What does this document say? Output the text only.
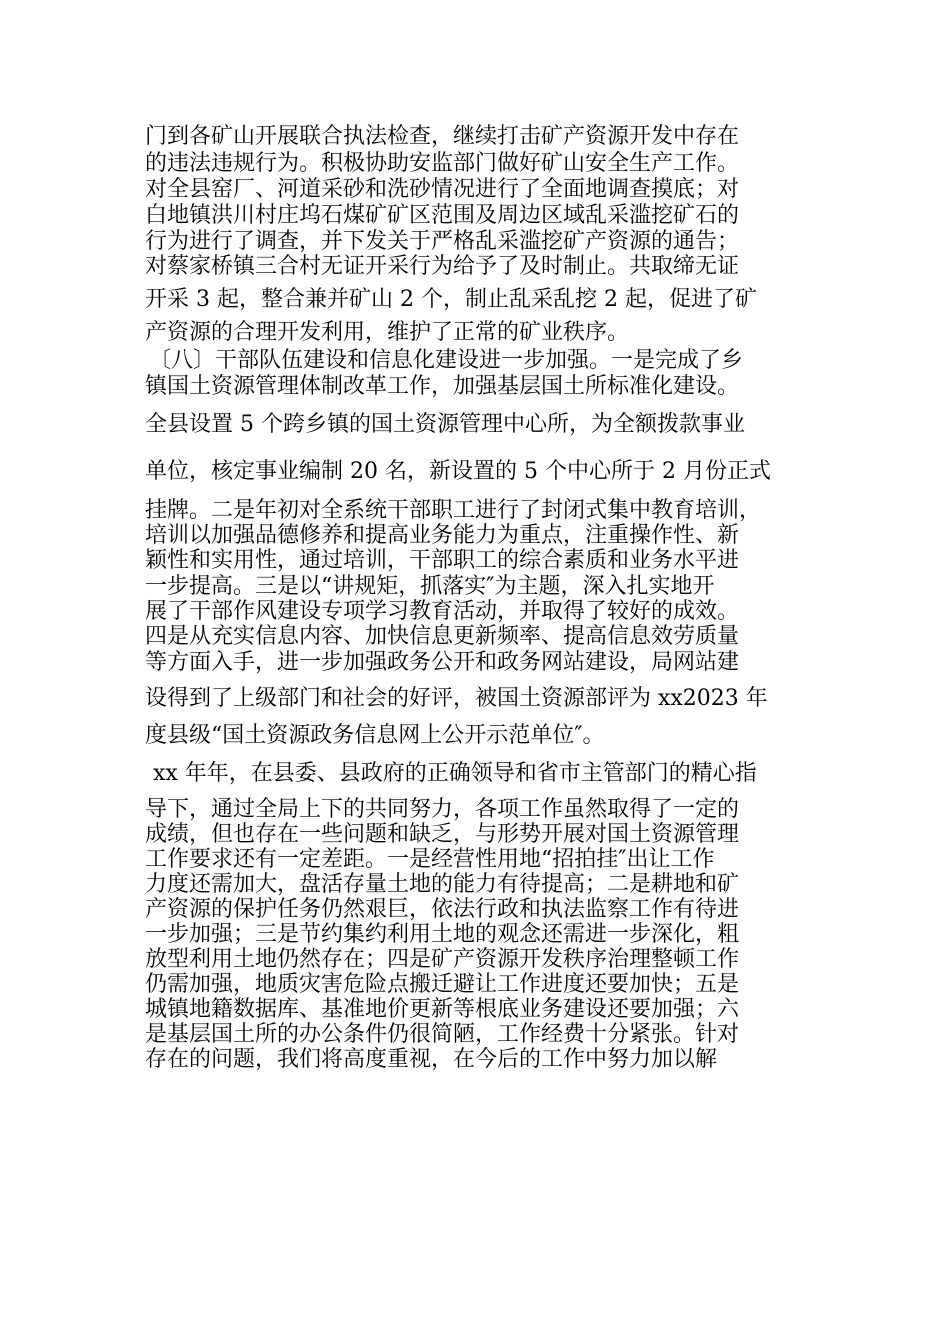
门到各矿山开展联合执法检查，继续打击矿产资源开发中存在
的违法违规行为。积极协助安监部门做好矿山安全生产工作。
对全县窑厂、河道采砂和洗砂情况进行了全面地调查摸底；对
白地镇洪川村庄坞石煤矿矿区范围及周边区域乱采滥挖矿石的
行为进行了调查，并下发关于严格乱采滥挖矿产资源的通告；
对蔡家桥镇三合村无证开采行为给予了及时制止。共取缔无证
开采 3 起，整合兼并矿山 2 个，制止乱采乱挖 2 起，促进了矿
产资源的合理开发利用，维护了正常的矿业秩序。
〔八〕干部队伍建设和信息化建设进一步加强。一是完成了乡
镇国土资源管理体制改革工作，加强基层国土所标准化建设。
全县设置 5 个跨乡镇的国土资源管理中心所，为全额拨款事业
单位，核定事业编制 20 名，新设置的 5 个中心所于 2 月份正式
挂牌。二是年初对全系统干部职工进行了封闭式集中教育培训，
培训以加强品德修养和提高业务能力为重点，注重操作性、新
颖性和实用性，通过培训，干部职工的综合素质和业务水平进
一步提高。三是以“讲规矩，抓落实″为主题，深入扎实地开
展了干部作风建设专项学习教育活动，并取得了较好的成效。
四是从充实信息内容、加快信息更新频率、提高信息效劳质量
等方面入手，进一步加强政务公开和政务网站建设，局网站建
设得到了上级部门和社会的好评，被国土资源部评为 xx2023 年
度县级“国土资源政务信息网上公开示范单位″。
xx 年年，在县委、县政府的正确领导和省市主管部门的精心指
导下，通过全局上下的共同努力，各项工作虽然取得了一定的
成绩，但也存在一些问题和缺乏，与形势开展对国土资源管理
工作要求还有一定差距。一是经营性用地“招拍挂″出让工作
力度还需加大，盘活存量土地的能力有待提高；二是耕地和矿
产资源的保护任务仍然艰巨，依法行政和执法监察工作有待进
一步加强；三是节约集约利用土地的观念还需进一步深化，粗
放型利用土地仍然存在；四是矿产资源开发秩序治理整顿工作
仍需加强，地质灾害危险点搬迁避让工作进度还要加快；五是
城镇地籍数据库、基准地价更新等根底业务建设还要加强；六
是基层国土所的办公条件仍很简陋，工作经费十分紧张。针对
存在的问题，我们将高度重视，在今后的工作中努力加以解
